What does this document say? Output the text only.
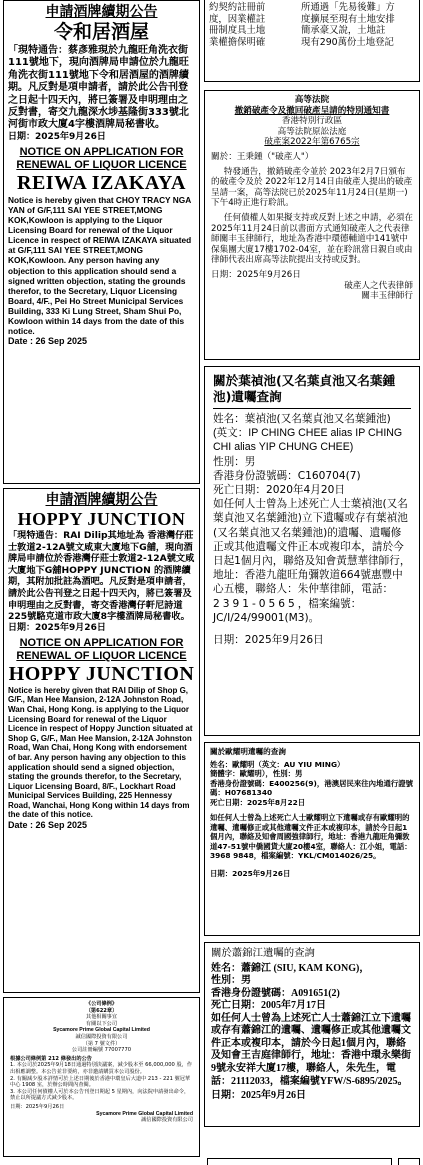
申請酒牌續期公告
令和居酒屋
「現特通告：蔡彥雅現於九龍旺角洗衣街111號地下，現向酒牌局申請位於九龍旺角洗衣街111號地下令和居酒屋的酒牌續期。凡反對是項申請者，請於此公告刊登之日起十四天內，將已簽署及申明理由之反對書，寄交九龍深水埗基隆街333號北河街市政大廈4字樓酒牌局秘書收。
日期：2025年9月26日
NOTICE ON APPLICATION FOR RENEWAL OF LIQUOR LICENCE
REIWA IZAKAYA
Notice is hereby given that CHOY TRACY NGA YAN of G/F,111 SAI YEE STREET,MONG KOK,Kowloon is applying to the Liquor Licensing Board for renewal of the Liquor Licence in respect of REIWA IZAKAYA situated at G/F,111 SAI YEE STREET,MONG KOK,Kowloon. Any person having any objection to this application should send a signed written objection, stating the grounds therefor, to the Secretary, Liquor Licensing Board, 4/F., Pei Ho Street Municipal Services Building, 333 Ki Lung Street, Sham Shui Po, Kowloon within 14 days from the date of this notice.
Date : 26 Sep 2025
申請酒牌續期公告
HOPPY JUNCTION
「現特通告：RAI Dilip其地址為 香港灣仔莊士敦道2-12A號文咸東大廈地下G舖，現向酒牌局申請位於香港灣仔莊士敦道2-12A號文咸大廈地下G舖HOPPY JUNCTION 的酒牌續期，其附加批註為酒吧。凡反對是項申請者，請於此公告刊登之日起十四天內，將已簽署及申明理由之反對書，寄交香港灣仔軒尼詩道225號駱克道市政大廈8字樓酒牌局秘書收。
日期：2025年9月26日
NOTICE ON APPLICATION FOR RENEWAL OF LIQUOR LICENCE
HOPPY JUNCTION
Notice is hereby given that RAI Dilip of Shop G, G/F., Man Hee Mansion, 2-12A Johnston Road, Wan Chai, Hong Kong. is applying to the Liquor Licensing Board for renewal of the Liquor Licence in respect of Hoppy Junction situated at Shop G, G/F., Man Hee Mansion, 2-12A Johnston Road, Wan Chai, Hong Kong with endorsement of bar. Any person having any objection to this application should send a signed objection, stating the grounds therefor, to the Secretary, Liquor Licensing Board, 8/F., Lockhart Road Municipal Services Building, 225 Hennessy Road, Wanchai, Hong Kong within 14 days from the date of this notice.
Date : 26 Sep 2025
《公司條例》
（第622章）
其他相關事宜
有關以下公司
Sycamore Prime Global Capital Limited
誠信國際投資有限公司
（第 7 號文件）
公司註冊編號 77007770
根據公司條例第 212 條發出的公告
1. 本公司於2025年9月18日通過特別決議案，減少股本至 66,000,000 股，作出相應調整。本公告並非要約，亦非邀請購買本公司股份。
2. 有關減少股本詳情可於上述日期後於香港中環皇后大道中 213 - 221 號冠華中心 1908 室，於辦公時間內查閱。
3. 本公司任何債權人可於本公告刊登日期起 5 星期內，向法院申請發出命令，禁止以所提議方式減少股本。
日期：2025年9月26日
Sycamore Prime Global Capital Limited
誠信國際投資有限公司
約契約註冊前	所通過「先易後難」方
度，因業權註	度擴展至現有土地安排
冊制度具土地	簡承豪又說，土地註
業權擔保明確	現有290萬份土地登記
高等法院
撤銷破產令及撤回破產呈請的特別通知書
香港特別行政區
高等法院原訟法庭
破產案2022年第6765宗
關於：王秉鍾（"破產人"）
特發通告，撤銷破產令並於 2023年2月7日頒布的破產令及於 2022年12月14日由破產人提出的破產呈請一案，高等法院已於2025年11月24日(星期一)下午4時正進行聆訊。
任何債權人如果擬支持或反對上述之申請，必須在2025年11月24日前以書面方式通知破產人之代表律師關丰玉律師行，地址為香港中環德輔道中141號中保集團大廈17樓1702-04室，並在聆訊當日親自或由律師代表出席高等法院提出支持或反對。
日期：2025年9月26日
破產人之代表律師
關丰玉律師行
關於葉禎池(又名葉貞池又名葉鍾池)遺囑查詢
姓名：葉禎池(又名葉貞池又名葉鍾池)
(英文：IP CHING CHEE alias IP CHING CHI alias YIP CHUNG CHEE)
性別：男
香港身份證號碼：C160704(7)
死亡日期：2020年4月20日
如任何人士曾為上述死亡人士葉禎池(又名葉貞池又名葉鍾池)立下遺囑或存有葉禎池(又名葉貞池又名葉鍾池)的遺囑、遺囑修正或其他遺囑文件正本或複印本，請於今日起1個月內，聯絡及知會黃慧華律師行，地址：香港九龍旺角彌敦道664號惠豐中心五樓，聯絡人：朱仲華律師，電話：2391-0565，檔案編號：JC/I/24/99001(M3)。
日期：2025年9月26日
關於歐耀明遺囑的查詢
姓名：歐耀明（英文：AU YIU MING）
簡體字：歐耀明），性別：男
香港身份證號碼：E400256(9)，港澳居民來往內地通行證號碼：H07681340
死亡日期：2025年8月22日
如任何人士曾為上述死亡人士歐耀明立下遺囑或存有歐耀明的遺囑、遺囑修正或其他遺囑文件正本或複印本，請於今日起1個月內，聯絡及知會周國強律師行，地址：香港九龍旺角彌敦道47-51號中僑國貨大廈20樓4室，聯絡人：江小姐，電話：3968 9848，檔案編號：YKL/CM014026/25。
日期：2025年9月26日
關於蕭錦江遺囑的查詢
姓名：蕭錦江 (SIU, KAM KONG)，
性別：男
香港身份證號碼：A091651(2)
死亡日期：2005年7月17日
如任何人士曾為上述死亡人士蕭錦江立下遺囑或存有蕭錦江的遺囑、遺囑修正或其他遺囑文件正本或複印本，請於今日起1個月內，聯絡及知會王吉庭律師行，地址：香港中環永樂街9號永安祥大廈17樓，聯絡人，朱先生，電話：21112033，檔案編號YFW/S-6895/2025。
日期：2025年9月26日
